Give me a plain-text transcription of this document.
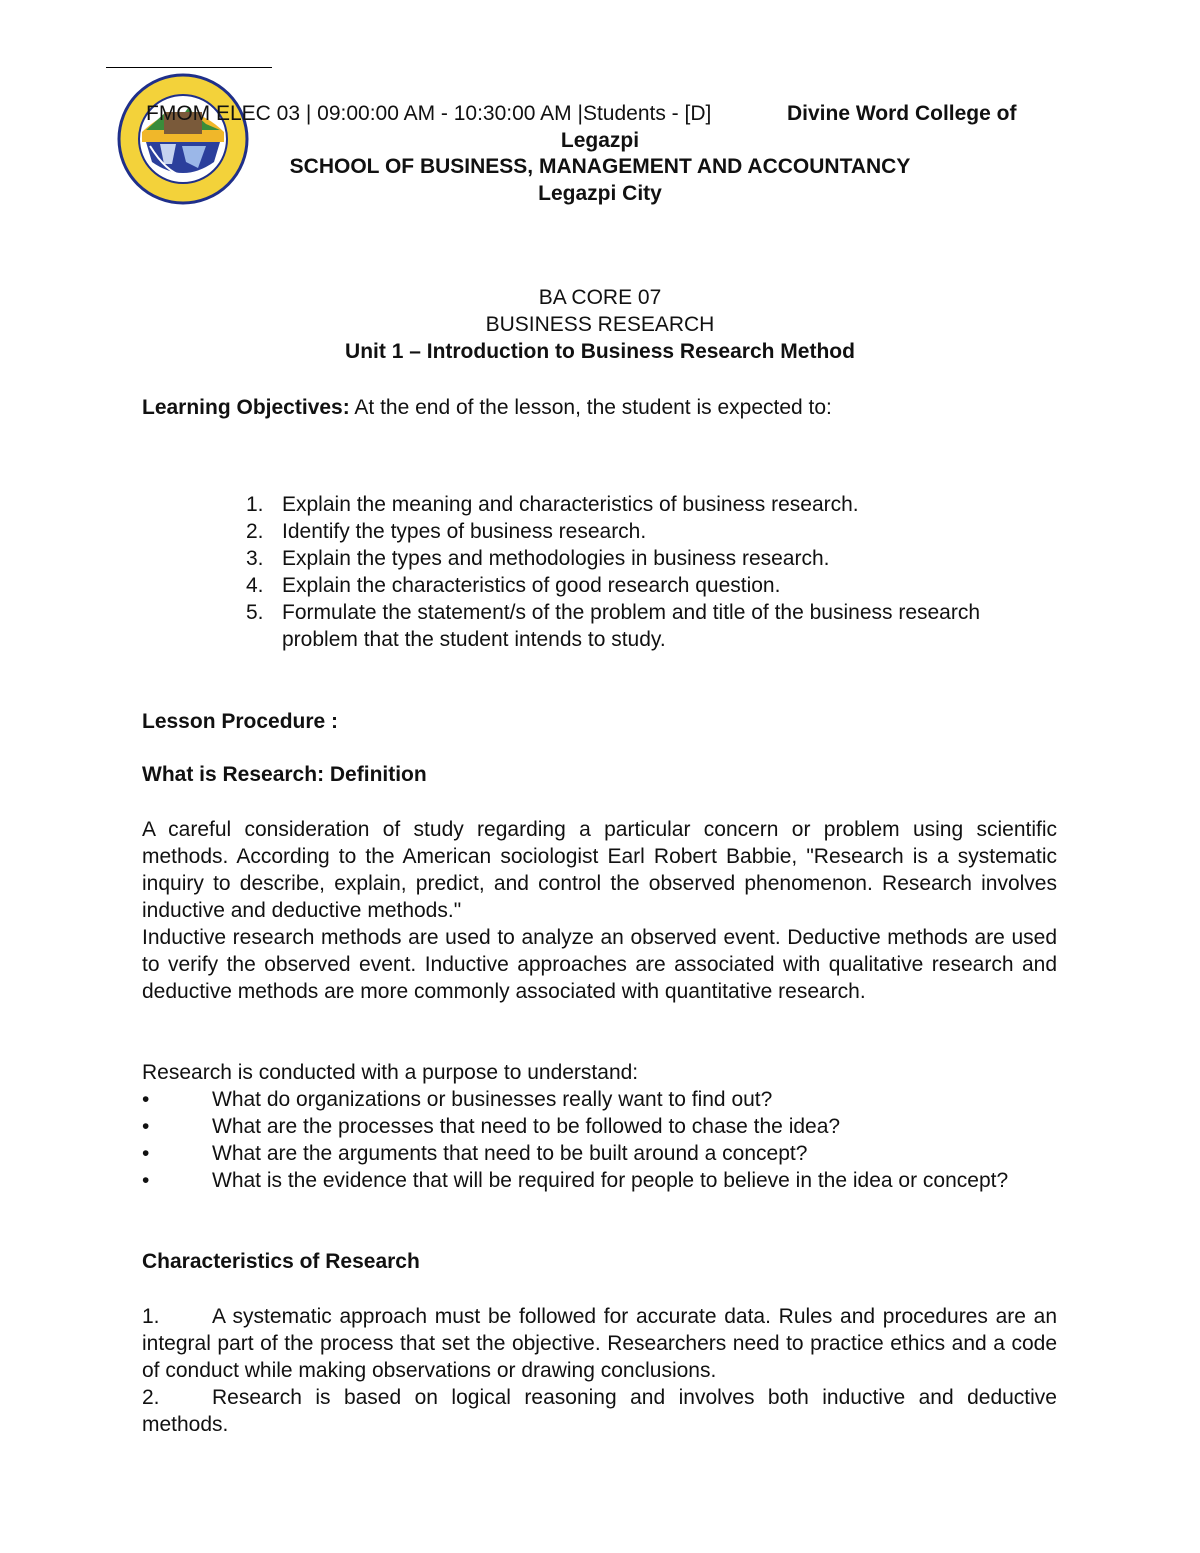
FMOM ELEC 03 | 09:00:00 AM - 10:30:00 AM |Students - [D]	Divine Word College of
Legazpi
SCHOOL OF BUSINESS, MANAGEMENT AND ACCOUNTANCY
Legazpi City
BA CORE 07
BUSINESS RESEARCH
Unit 1 – Introduction to Business Research Method
Learning Objectives: At the end of the lesson, the student is expected to:
1. Explain the meaning and characteristics of business research.
2. Identify the types of business research.
3. Explain the types and methodologies in business research.
4. Explain the characteristics of good research question.
5. Formulate the statement/s of the problem and title of the business research problem that the student intends to study.
Lesson Procedure :
What is Research: Definition
A careful consideration of study regarding a particular concern or problem using scientific methods. According to the American sociologist Earl Robert Babbie, "Research is a systematic inquiry to describe, explain, predict, and control the observed phenomenon. Research involves inductive and deductive methods."
Inductive research methods are used to analyze an observed event. Deductive methods are used to verify the observed event. Inductive approaches are associated with qualitative research and deductive methods are more commonly associated with quantitative research.
Research is conducted with a purpose to understand:
•	What do organizations or businesses really want to find out?
•	What are the processes that need to be followed to chase the idea?
•	What are the arguments that need to be built around a concept?
•	What is the evidence that will be required for people to believe in the idea or concept?
Characteristics of Research
1. A systematic approach must be followed for accurate data. Rules and procedures are an integral part of the process that set the objective. Researchers need to practice ethics and a code of conduct while making observations or drawing conclusions.
2. Research is based on logical reasoning and involves both inductive and deductive methods.
